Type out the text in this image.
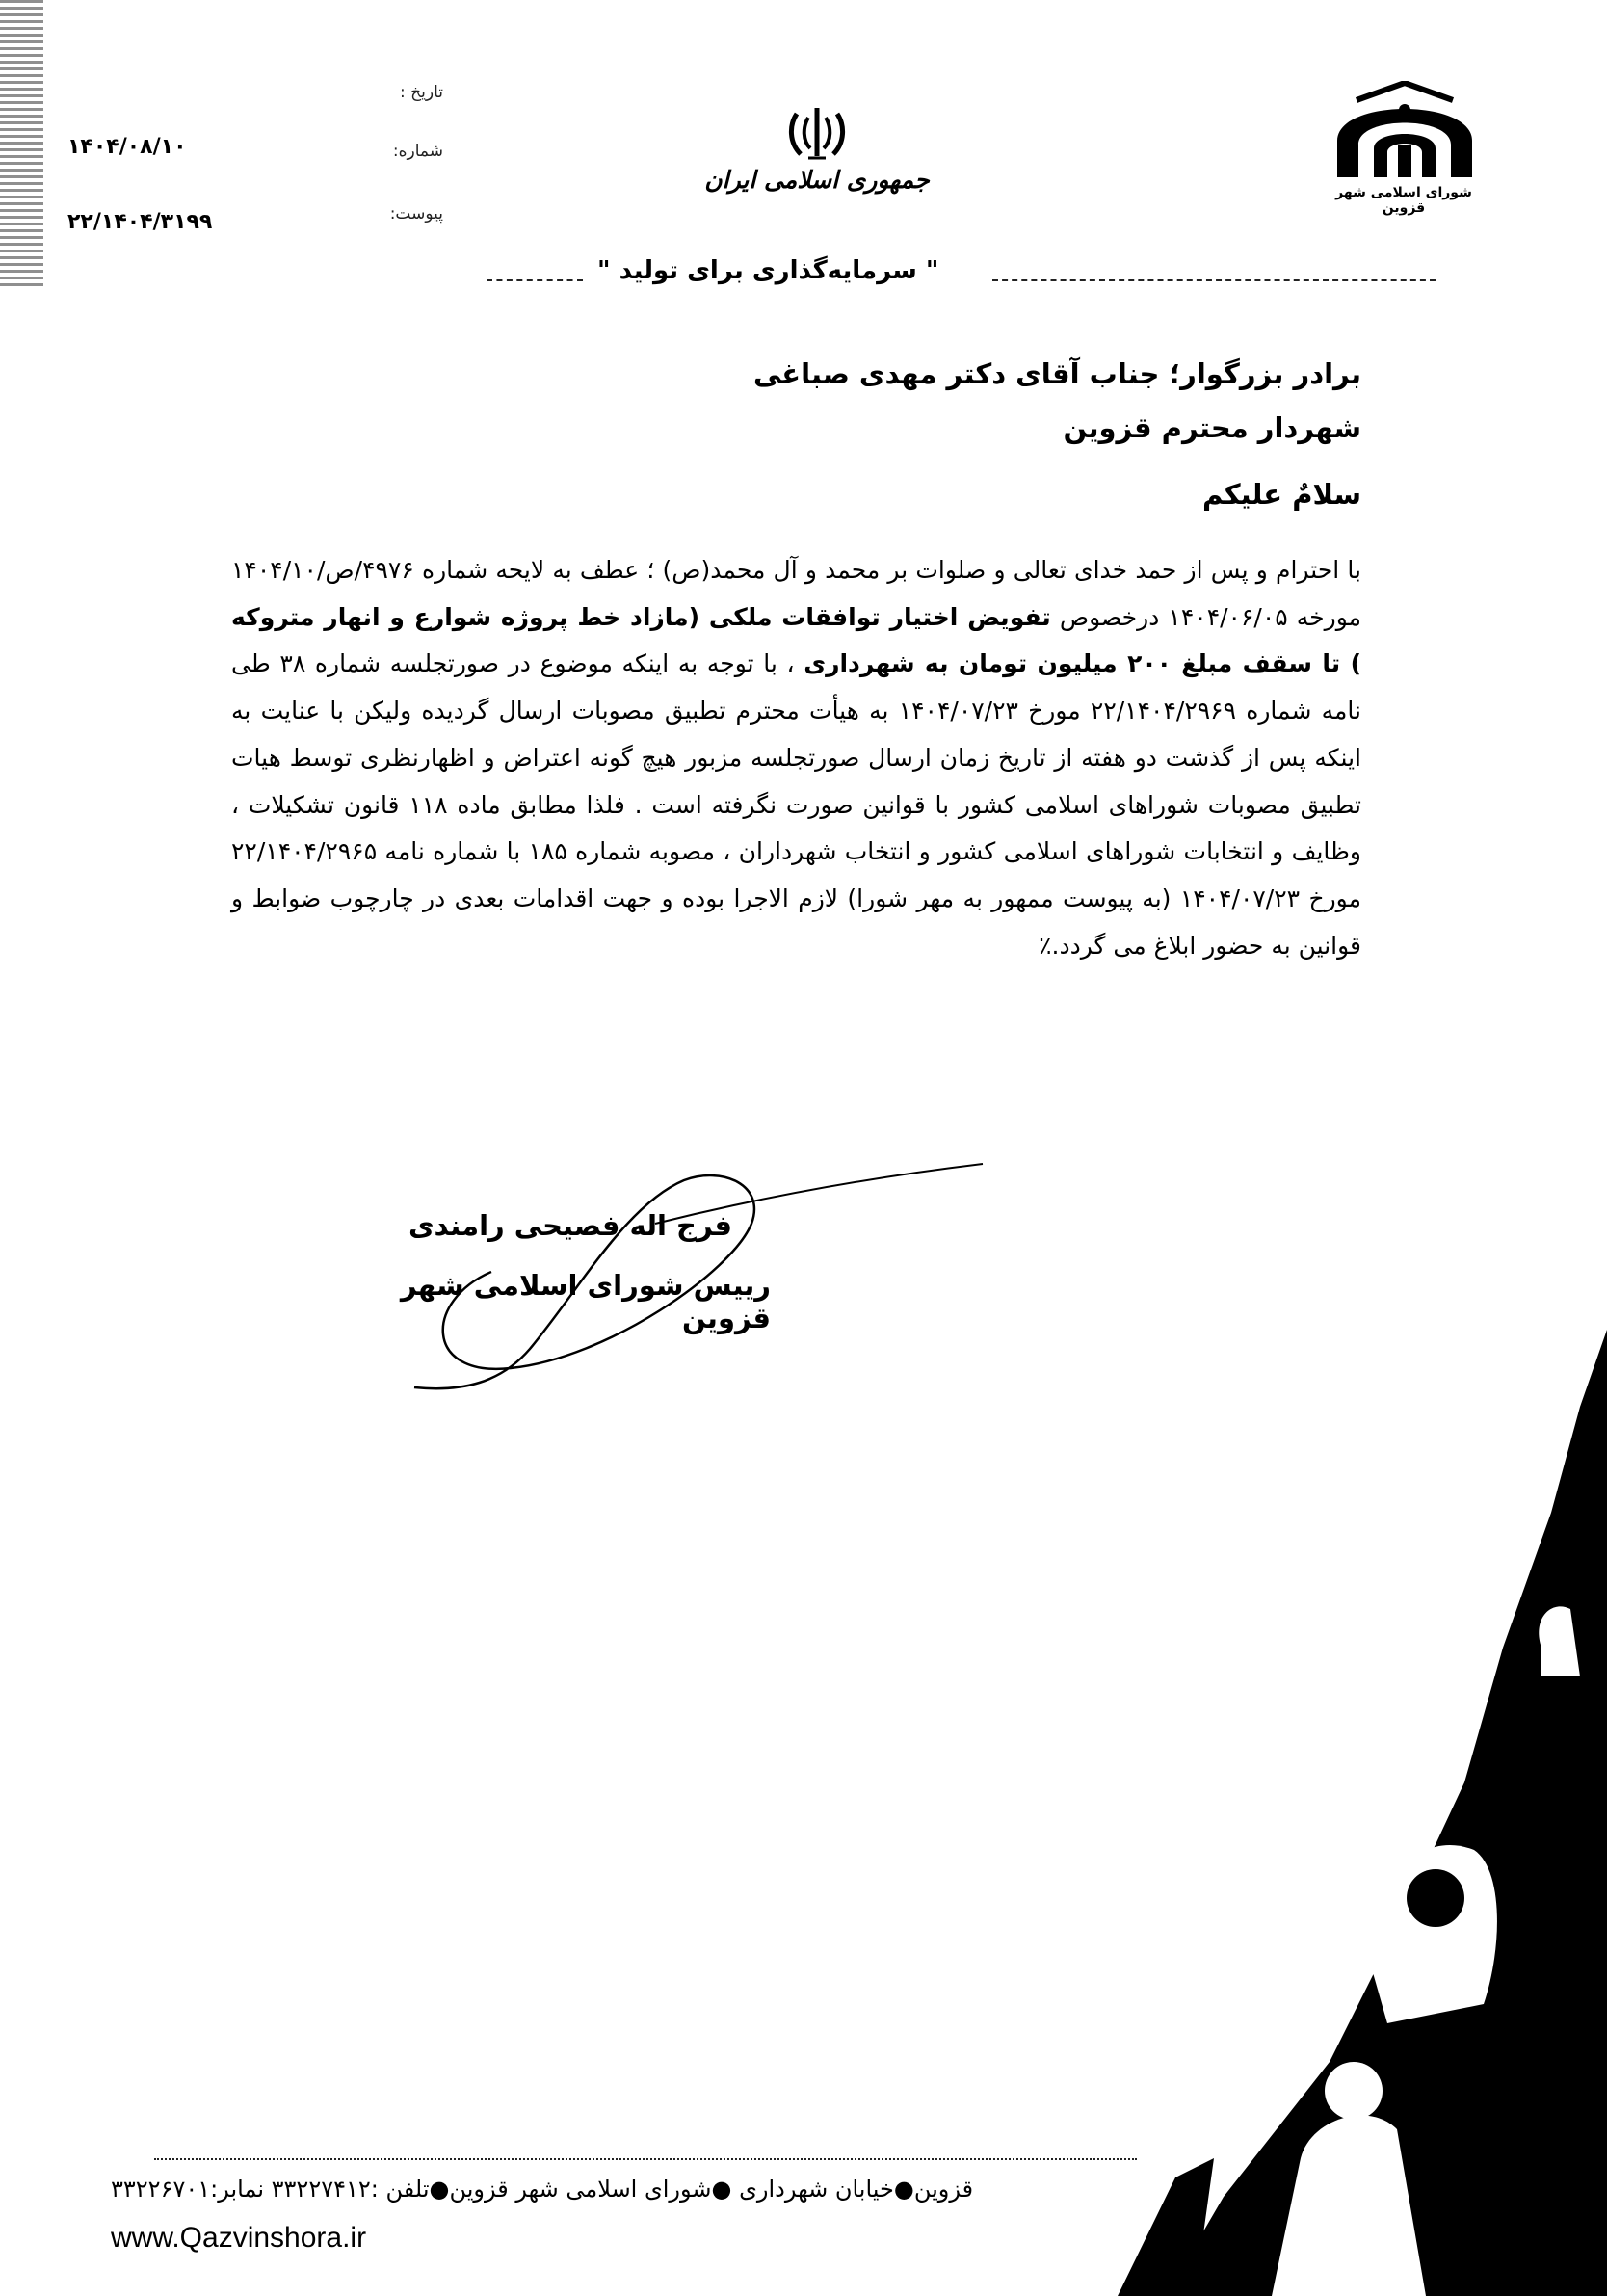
تاریخ :
شماره:
پیوست:
۱۴۰۴/۰۸/۱۰
۲۲/۱۴۰۴/۳۱۹۹
جمهوری اسلامی ایران	شورای اسلامی شهر قزوین
" سرمایه‌گذاری برای تولید "
برادر بزرگوار؛ جناب آقای دکتر مهدی صباغی
شهردار محترم قزوین
سلامٌ علیکم
با احترام و پس از حمد خدای تعالی و صلوات بر محمد و آل محمد(ص) ؛ عطف به لایحه شماره ۴۹۷۶/ص/۱۴۰۴/۱۰ مورخه ۱۴۰۴/۰۶/۰۵ درخصوص تفویض اختیار توافقات ملکی (مازاد خط پروژه شوارع و انهار متروکه ) تا سقف مبلغ ۲۰۰ میلیون تومان به شهرداری ، با توجه به اینکه موضوع در صورتجلسه شماره ۳۸ طی نامه شماره ۲۲/۱۴۰۴/۲۹۶۹ مورخ ۱۴۰۴/۰۷/۲۳ به هیأت محترم تطبیق مصوبات ارسال گردیده ولیکن با عنایت به اینکه پس از گذشت دو هفته از تاریخ زمان ارسال صورتجلسه مزبور هیچ گونه اعتراض و اظهارنظری توسط هیات تطبیق مصوبات شوراهای اسلامی کشور با قوانین صورت نگرفته است . فلذا مطابق ماده ۱۱۸ قانون تشکیلات ، وظایف و انتخابات شوراهای اسلامی کشور و انتخاب شهرداران ، مصوبه شماره ۱۸۵ با شماره نامه ۲۲/۱۴۰۴/۲۹۶۵ مورخ ۱۴۰۴/۰۷/۲۳ (به پیوست ممهور به مهر شورا) لازم الاجرا بوده و جهت اقدامات بعدی در چارچوب ضوابط و قوانین به حضور ابلاغ می گردد.٪
فرج اله فصیحی رامندی
رییس شورای اسلامی شهر قزوین
قزوین●خیابان شهرداری ●شورای اسلامی شهر قزوین●تلفن :۳۳۲۲۷۴۱۲ نمابر:۳۳۲۲۶۷۰۱
www.Qazvinshora.ir
